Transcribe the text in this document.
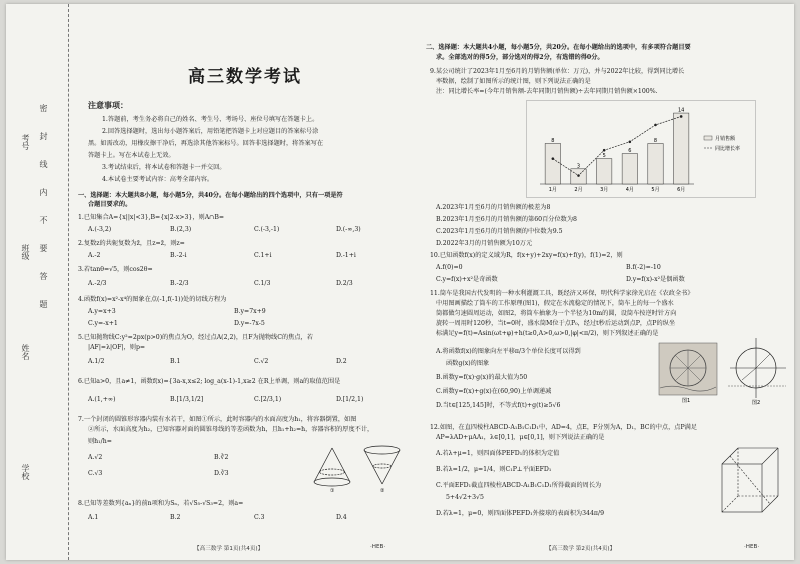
考号
班级
姓名
学校
密封线内不要答题
高三数学考试
注意事项：
1.答题前，考生务必将自己的姓名、考生号、考场号、座位号填写在答题卡上。
2.回答选择题时，选出每小题答案后，用铅笔把答题卡上对应题目的答案标号涂
黑。如需改动，用橡皮擦干净后，再选涂其他答案标号。回答非选择题时，将答案写在
答题卡上。写在本试卷上无效。
3.考试结束后，将本试卷和答题卡一并交回。
4.本试卷主要考试内容：高考全部内容。
一、选择题：本大题共8小题，每小题5分，共40分。在每小题给出的四个选项中，只有一项是符
合题目要求的。
1.已知集合A={x||x|<3},B={x|2-x>3}，则A∩B=
A.(-3,2)	B.(2,3)	C.(-3,-1)	D.(-∞,3)
2.复数z的共轭复数为z̄，且z=z̄，则z=
A.-2	B.-2-i	C.1+i	D.-1+i
3.若tanθ=√5，则cos2θ=
A.-2/3	B.-2/3	C.1/3	D.2/3
4.函数f(x)=x²-x⁴的图象在点(-1,f(-1))处的切线方程为
A.y=x+3	B.y=7x+9
C.y=-x+1	D.y=-7x-5
5.已知抛物线C:y²=2px(p>0)的焦点为O，经过点A(2,2)，且F为抛物线C的焦点，若
|AF|=λ|OF|，则p=
A.1/2	B.1	C.√2	D.2
6.已知a>0，且a≠1，函数f(x)={3a-x,x≤2; log_a(x-1)-1,x≥2 在R上单调，则a的取值范围是
A.(1,+∞)	B.[1/3,1/2]	C.[2/3,1)	D.[1/2,1)
7.一个封闭的圆锥形容器内装有水若干，如图①所示，此时容器内的水面高度为h₁，将容器倒置，如图
②所示，水面高度为h₂，已知容器对面的圆锥母线的等差函数为h，且h₁+h₂=h，容器容积的厚度不计，
则h₁/h=
A.√2	B.∛2
C.√3	D.∛3
①	②
8.已知等差数列{aₙ}的前n项和为Sₙ，若√S₅-√S₃=2，则a=
A.1	B.2	C.3	D.4
【高三数学 第1页(共4页)】	·HEB·
二、选择题：本大题共4小题，每小题5分，共20分。在每小题给出的选项中，有多项符合题目要
求。全部选对的得5分，部分选对的得2分，有选错的得0分。
9.某公司统计了2023年1月至6月的月销售额(单位：万元)，并与2022年比较，得到同比增长
率数据，绘制了如图所示的统计图，则下列说法正确的是
注：同比增长率=(今年月销售额-去年同期月销售额)÷去年同期月销售额×100%.
8
1月
3
2月
5
3月
6
4月
8
5月
14
6月
月销售额
同比增长率
A.2023年1月至6月的月销售额的极差为8
B.2023年1月至6月的月销售额的第60百分位数为8
C.2023年1月至6月的月销售额的中位数为9.5
D.2022年3月的月销售额为10万元
10.已知函数f(x)的定义域为R，f(x+y)+2xy=f(x)+f(y)，f(1)=2，则
A.f(0)=0	B.f(-2)=-10
C.y=f(x)+x²是奇函数	D.y=f(x)-x²是偶函数
11.筒车是我国古代发明的一种水利灌溉工具，既经济又环保，明代科学家徐光启在《农政全书》
中用图画描绘了筒车的工作原理(图1)，假定在水流稳定的情况下，筒车上的每一个盛水
筒都做匀速圆周运动，如图2，将筒车抽象为一个半径为10m的圆，设筒车按逆时针方向
旋转一周用时120秒，当t=0时，盛水筒M位于点P₀，经过t秒后运动到点P，点P的纵坐
标满足y=f(t)=Asin(ωt+φ)+h(t≥0,A>0,ω>0,|φ|<π/2)，则下列叙述正确的是
A.将函数f(x)的图象向左平移π/3个单位长度可以得到
函数g(x)的图象
B.函数y=f(x)·g(x)的最大值为50
C.函数y=f(x)+g(x)在(60,90)上单调递减
D.当t∈[125,145]时，不等式f(t)+g(t)≥5√6
图1	图2
12.如图，在直四棱柱ABCD-A₁B₁C₁D₁中，AD=4，点E，F分别为A，D₁，BC的中点，点P满足
AP=λAD+μAA₁，λ∈[0,1]，μ∈[0,1]，则下列说法正确的是
A.若λ+μ=1，则四面体PEFD₁的体积为定值
B.若λ=1/2，μ=1/4，则C₁P⊥平面EFD₁
C.平面EFD₁截直四棱柱ABCD-A₁B₁C₁D₁所得截面的周长为
5+4√2+3√5
D.若λ=1，μ=0，则四面体PEFD₁外接球的表面积为344π/9
【高三数学 第2页(共4页)】	·HEB·
